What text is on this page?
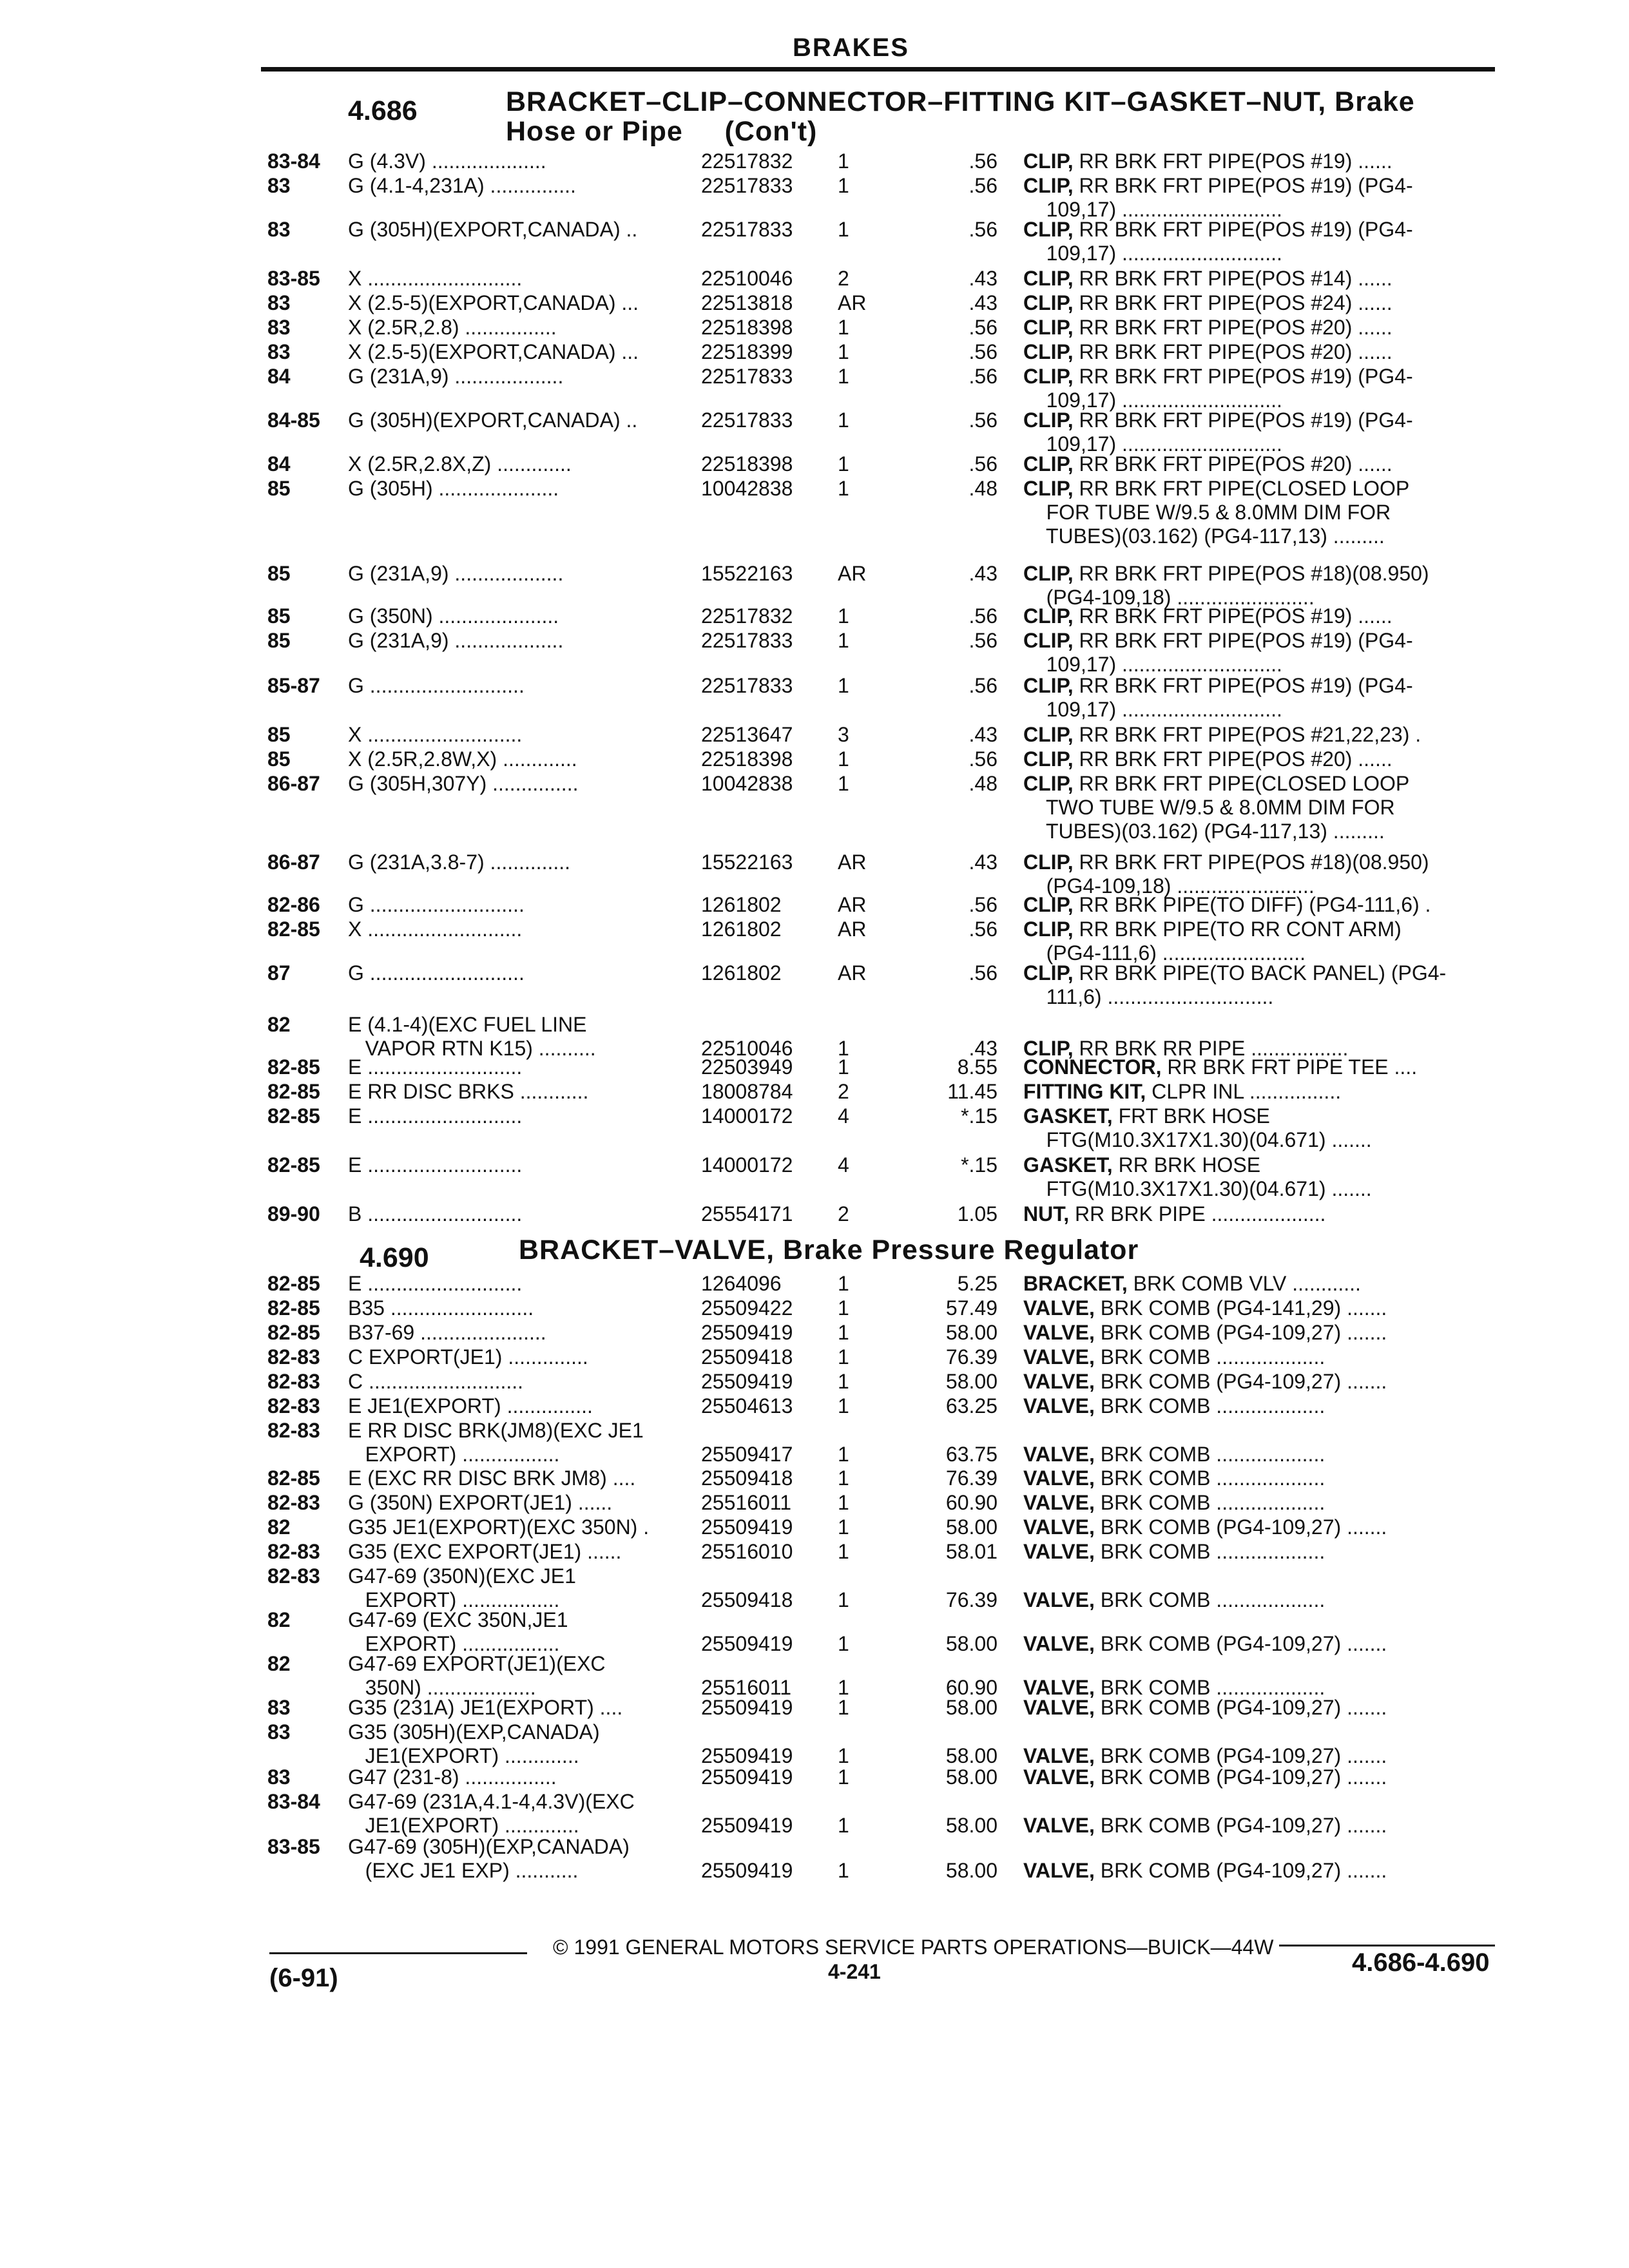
BRAKES
4.686	BRACKET–CLIP–CONNECTOR–FITTING KIT–GASKET–NUT, Brake
Hose or Pipe     (Con't)
4.690	BRACKET–VALVE, Brake Pressure Regulator
83-84	G (4.3V) ....................	22517832	1	.56 CLIP, RR BRK FRT PIPE(POS #19) ......
83	G (4.1-4,231A) ...............	22517833	1	.56 CLIP, RR BRK FRT PIPE(POS #19) (PG4-
109,17) ............................
83	G (305H)(EXPORT,CANADA) ..	22517833	1	.56 CLIP, RR BRK FRT PIPE(POS #19) (PG4-
109,17) ............................
83-85	X ...........................	22510046	2	.43 CLIP, RR BRK FRT PIPE(POS #14) ......
83	X (2.5-5)(EXPORT,CANADA) ...	22513818	AR	.43 CLIP, RR BRK FRT PIPE(POS #24) ......
83	X (2.5R,2.8) ................	22518398	1	.56 CLIP, RR BRK FRT PIPE(POS #20) ......
83	X (2.5-5)(EXPORT,CANADA) ...	22518399	1	.56 CLIP, RR BRK FRT PIPE(POS #20) ......
84	G (231A,9) ...................	22517833	1	.56 CLIP, RR BRK FRT PIPE(POS #19) (PG4-
109,17) ............................
84-85	G (305H)(EXPORT,CANADA) ..	22517833	1	.56 CLIP, RR BRK FRT PIPE(POS #19) (PG4-
109,17) ............................
84	X (2.5R,2.8X,Z) .............	22518398	1	.56 CLIP, RR BRK FRT PIPE(POS #20) ......
85	G (305H) .....................	10042838	1	.48 CLIP, RR BRK FRT PIPE(CLOSED LOOP
FOR TUBE W/9.5 & 8.0MM DIM FOR
TUBES)(03.162) (PG4-117,13) .........
85	G (231A,9) ...................	15522163	AR	.43 CLIP, RR BRK FRT PIPE(POS #18)(08.950)
(PG4-109,18) ........................
85	G (350N) .....................	22517832	1	.56 CLIP, RR BRK FRT PIPE(POS #19) ......
85	G (231A,9) ...................	22517833	1	.56 CLIP, RR BRK FRT PIPE(POS #19) (PG4-
109,17) ............................
85-87	G ...........................	22517833	1	.56 CLIP, RR BRK FRT PIPE(POS #19) (PG4-
109,17) ............................
85	X ...........................	22513647	3	.43 CLIP, RR BRK FRT PIPE(POS #21,22,23) .
85	X (2.5R,2.8W,X) .............	22518398	1	.56 CLIP, RR BRK FRT PIPE(POS #20) ......
86-87	G (305H,307Y) ...............	10042838	1	.48 CLIP, RR BRK FRT PIPE(CLOSED LOOP
TWO TUBE W/9.5 & 8.0MM DIM FOR
TUBES)(03.162) (PG4-117,13) .........
86-87	G (231A,3.8-7) ..............	15522163	AR	.43 CLIP, RR BRK FRT PIPE(POS #18)(08.950)
(PG4-109,18) ........................
82-86	G ...........................	1261802	AR	.56 CLIP, RR BRK PIPE(TO DIFF) (PG4-111,6) .
82-85	X ...........................	1261802	AR	.56 CLIP, RR BRK PIPE(TO RR CONT ARM)
(PG4-111,6) .........................
87	G ...........................	1261802	AR	.56 CLIP, RR BRK PIPE(TO BACK PANEL) (PG4-
111,6) .............................
82	E (4.1-4)(EXC FUEL LINE
VAPOR RTN K15) ..........	22510046	1	.43 CLIP, RR BRK RR PIPE .................
82-85	E ...........................	22503949	1	8.55 CONNECTOR, RR BRK FRT PIPE TEE ....
82-85	E RR DISC BRKS ............	18008784	2	11.45 FITTING KIT, CLPR INL ................
82-85	E ...........................	14000172	4	*.15 GASKET, FRT BRK HOSE
FTG(M10.3X17X1.30)(04.671) .......
82-85	E ...........................	14000172	4	*.15 GASKET, RR BRK HOSE
FTG(M10.3X17X1.30)(04.671) .......
89-90	B ...........................	25554171	2	1.05 NUT, RR BRK PIPE ....................
82-85	E ...........................	1264096	1	5.25 BRACKET, BRK COMB VLV ............
82-85	B35 .........................	25509422	1	57.49 VALVE, BRK COMB (PG4-141,29) .......
82-85	B37-69 ......................	25509419	1	58.00 VALVE, BRK COMB (PG4-109,27) .......
82-83	C EXPORT(JE1) ..............	25509418	1	76.39 VALVE, BRK COMB ...................
82-83	C ...........................	25509419	1	58.00 VALVE, BRK COMB (PG4-109,27) .......
82-83	E JE1(EXPORT) ...............	25504613	1	63.25 VALVE, BRK COMB ...................
82-83	E RR DISC BRK(JM8)(EXC JE1
EXPORT) .................	25509417	1	63.75 VALVE, BRK COMB ...................
82-85	E (EXC RR DISC BRK JM8) ....	25509418	1	76.39 VALVE, BRK COMB ...................
82-83	G (350N) EXPORT(JE1) ......	25516011	1	60.90 VALVE, BRK COMB ...................
82	G35 JE1(EXPORT)(EXC 350N) .	25509419	1	58.00 VALVE, BRK COMB (PG4-109,27) .......
82-83	G35 (EXC EXPORT(JE1) ......	25516010	1	58.01 VALVE, BRK COMB ...................
82-83	G47-69 (350N)(EXC JE1
EXPORT) .................	25509418	1	76.39 VALVE, BRK COMB ...................
82	G47-69 (EXC 350N,JE1
EXPORT) .................	25509419	1	58.00 VALVE, BRK COMB (PG4-109,27) .......
82	G47-69 EXPORT(JE1)(EXC
350N) ...................	25516011	1	60.90 VALVE, BRK COMB ...................
83	G35 (231A) JE1(EXPORT) ....	25509419	1	58.00 VALVE, BRK COMB (PG4-109,27) .......
83	G35 (305H)(EXP,CANADA)
JE1(EXPORT) .............	25509419	1	58.00 VALVE, BRK COMB (PG4-109,27) .......
83	G47 (231-8) ................	25509419	1	58.00 VALVE, BRK COMB (PG4-109,27) .......
83-84	G47-69 (231A,4.1-4,4.3V)(EXC
JE1(EXPORT) .............	25509419	1	58.00 VALVE, BRK COMB (PG4-109,27) .......
83-85	G47-69 (305H)(EXP,CANADA)
(EXC JE1 EXP) ...........	25509419	1	58.00 VALVE, BRK COMB (PG4-109,27) .......
© 1991 GENERAL MOTORS SERVICE PARTS OPERATIONS—BUICK—44W
4-241
(6-91)
4.686-4.690
